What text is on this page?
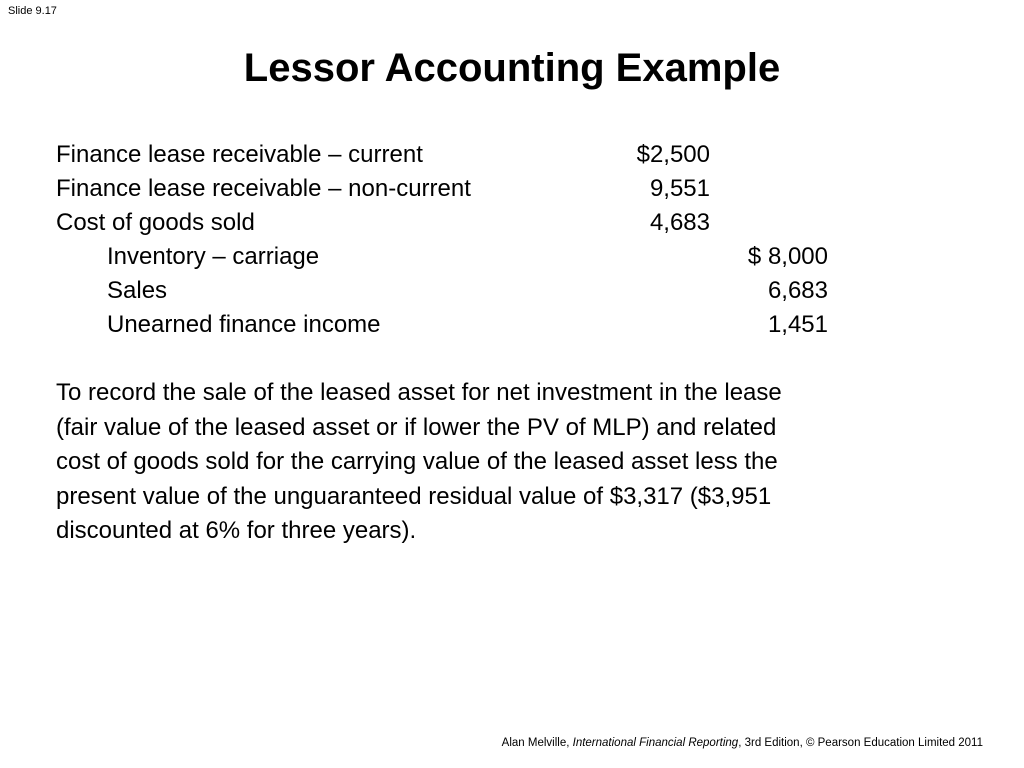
Slide 9.17
Lessor Accounting Example
Finance lease receivable – current	$2,500
Finance lease receivable – non-current	9,551
Cost of goods sold	4,683
Inventory – carriage	$ 8,000
Sales	6,683
Unearned finance income	1,451
To record the sale of the leased asset for net investment in the lease
(fair value of the leased asset or if lower the PV of MLP) and related
cost of goods sold for the carrying value of the leased asset less the
present value of the unguaranteed residual value of $3,317 ($3,951
discounted at 6% for three years).
Alan Melville, International Financial Reporting, 3rd Edition, © Pearson Education Limited 2011
